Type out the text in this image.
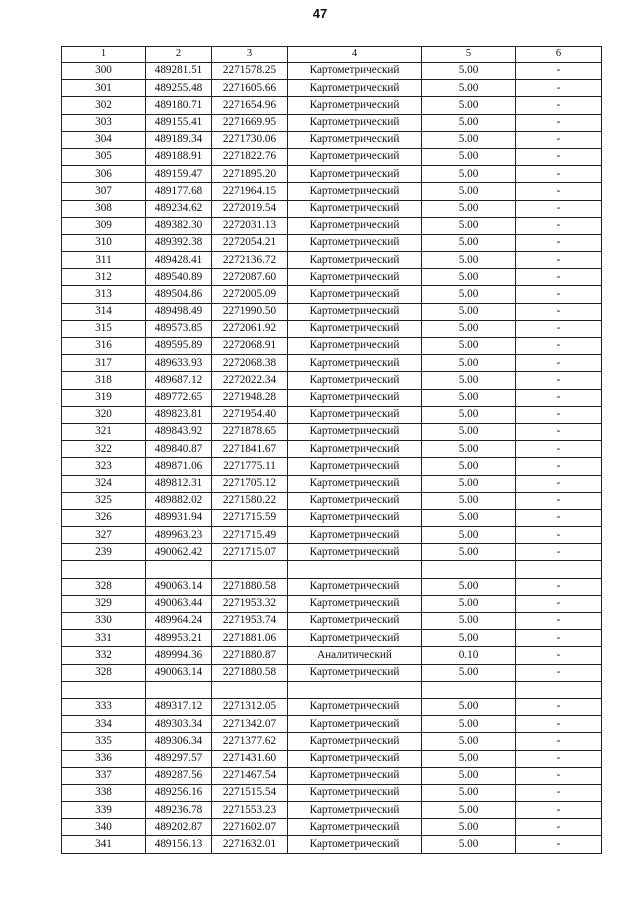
47
1	2	3	4	5	6
300	489281.51	2271578.25	Картометрический	5.00	-
301	489255.48	2271605.66	Картометрический	5.00	-
302	489180.71	2271654.96	Картометрический	5.00	-
303	489155.41	2271669.95	Картометрический	5.00	-
304	489189.34	2271730.06	Картометрический	5.00	-
305	489188.91	2271822.76	Картометрический	5.00	-
306	489159.47	2271895.20	Картометрический	5.00	-
307	489177.68	2271964.15	Картометрический	5.00	-
308	489234.62	2272019.54	Картометрический	5.00	-
309	489382.30	2272031.13	Картометрический	5.00	-
310	489392.38	2272054.21	Картометрический	5.00	-
311	489428.41	2272136.72	Картометрический	5.00	-
312	489540.89	2272087.60	Картометрический	5.00	-
313	489504.86	2272005.09	Картометрический	5.00	-
314	489498.49	2271990.50	Картометрический	5.00	-
315	489573.85	2272061.92	Картометрический	5.00	-
316	489595.89	2272068.91	Картометрический	5.00	-
317	489633.93	2272068.38	Картометрический	5.00	-
318	489687.12	2272022.34	Картометрический	5.00	-
319	489772.65	2271948.28	Картометрический	5.00	-
320	489823.81	2271954.40	Картометрический	5.00	-
321	489843.92	2271878.65	Картометрический	5.00	-
322	489840.87	2271841.67	Картометрический	5.00	-
323	489871.06	2271775.11	Картометрический	5.00	-
324	489812.31	2271705.12	Картометрический	5.00	-
325	489882.02	2271580.22	Картометрический	5.00	-
326	489931.94	2271715.59	Картометрический	5.00	-
327	489963.23	2271715.49	Картометрический	5.00	-
239	490062.42	2271715.07	Картометрический	5.00	-

328	490063.14	2271880.58	Картометрический	5.00	-
329	490063.44	2271953.32	Картометрический	5.00	-
330	489964.24	2271953.74	Картометрический	5.00	-
331	489953.21	2271881.06	Картометрический	5.00	-
332	489994.36	2271880.87	Аналитический	0.10	-
328	490063.14	2271880.58	Картометрический	5.00	-

333	489317.12	2271312.05	Картометрический	5.00	-
334	489303.34	2271342.07	Картометрический	5.00	-
335	489306.34	2271377.62	Картометрический	5.00	-
336	489297.57	2271431.60	Картометрический	5.00	-
337	489287.56	2271467.54	Картометрический	5.00	-
338	489256.16	2271515.54	Картометрический	5.00	-
339	489236.78	2271553.23	Картометрический	5.00	-
340	489202.87	2271602.07	Картометрический	5.00	-
341	489156.13	2271632.01	Картометрический	5.00	-
